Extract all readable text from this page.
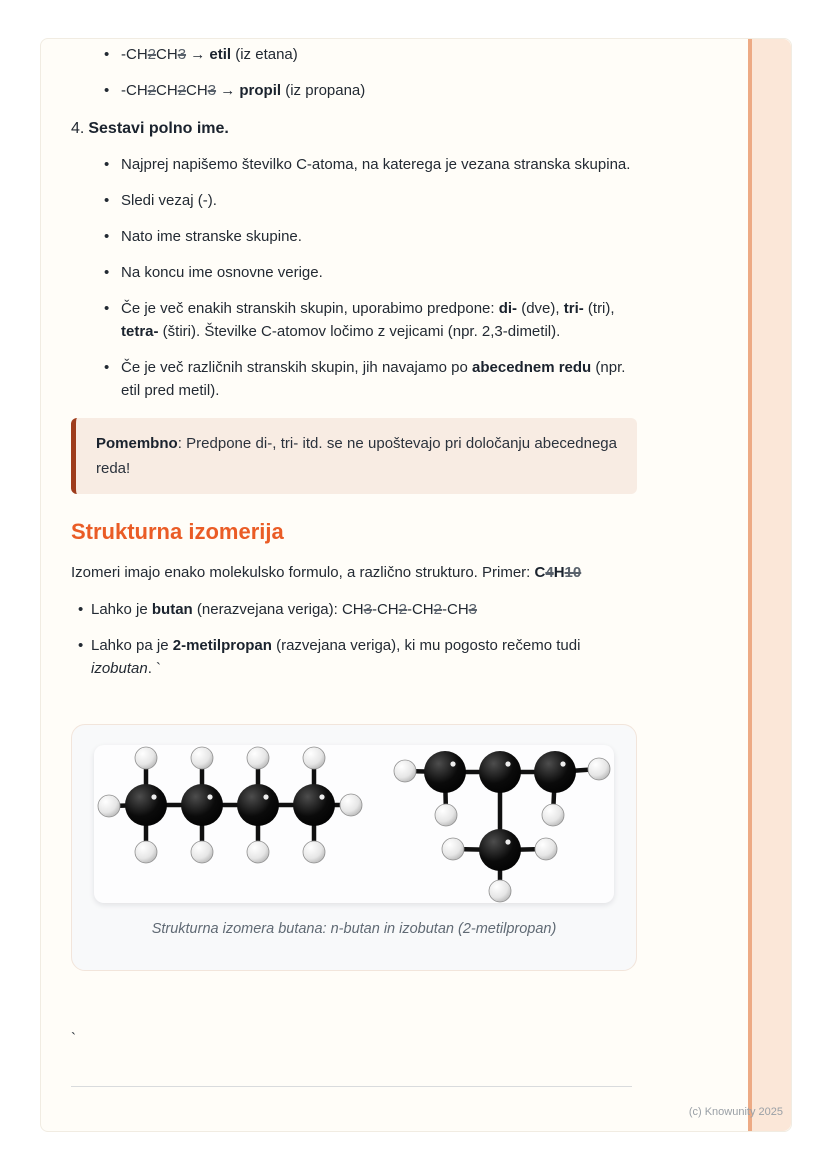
• -CH2CH3 → etil (iz etana)
• -CH2CH2CH3 → propil (iz propana)
4. Sestavi polno ime.
• Najprej napišemo številko C-atoma, na katerega je vezana stranska skupina.
• Sledi vezaj (-).
• Nato ime stranske skupine.
• Na koncu ime osnovne verige.
• Če je več enakih stranskih skupin, uporabimo predpone: di- (dve), tri- (tri), tetra- (štiri). Številke C-atomov ločimo z vejicami (npr. 2,3-dimetil).
• Če je več različnih stranskih skupin, jih navajamo po abecednem redu (npr. etil pred metil).

Pomembno: Predpone di-, tri- itd. se ne upoštevajo pri določanju abecednega reda!

Strukturna izomerija

Izomeri imajo enako molekulsko formulo, a različno strukturo. Primer: C4H10

• Lahko je butan (nerazvejana veriga): CH3-CH2-CH2-CH3
• Lahko pa je 2-metilpropan (razvejana veriga), ki mu pogosto rečemo tudi izobutan. `
Strukturna izomera butana: n-butan in izobutan (2-metilpropan)
`
(c) Knowunity 2025
